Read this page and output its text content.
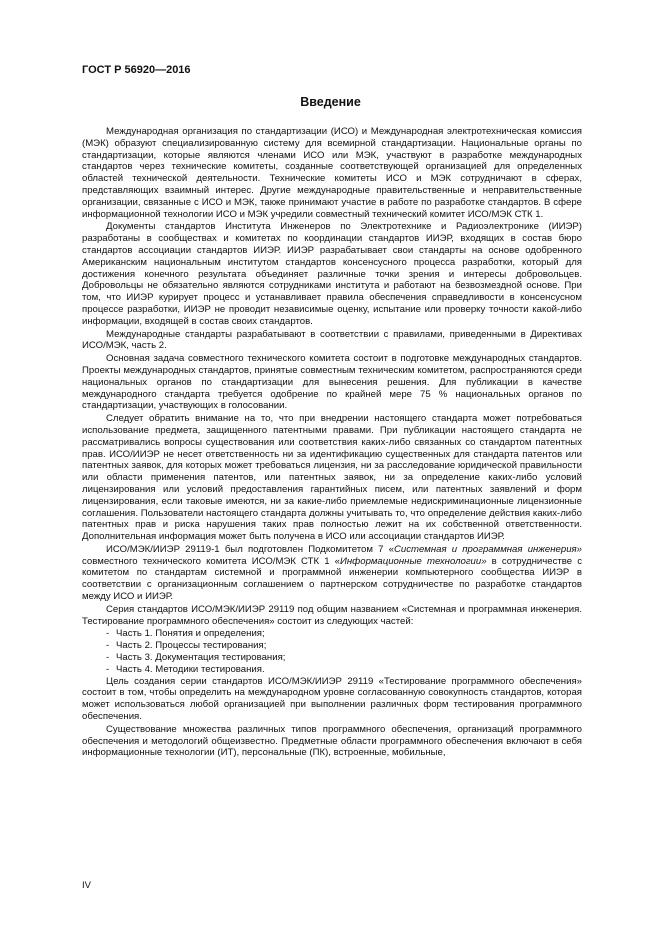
ГОСТ Р 56920—2016
Введение

Международная организация по стандартизации (ИСО) и Международная электротехническая комиссия (МЭК) образуют специализированную систему для всемирной стандартизации. Национальные органы по стандартизации, которые являются членами ИСО или МЭК, участвуют в разработке международных стандартов через технические комитеты, созданные соответствующей организацией для определенных областей технической деятельности. Технические комитеты ИСО и МЭК сотрудничают в сферах, представляющих взаимный интерес. Другие международные правительственные и неправительственные организации, связанные с ИСО и МЭК, также принимают участие в работе по разработке стандартов. В сфере информационной технологии ИСО и МЭК учредили совместный технический комитет ИСО/МЭК СТК 1.

Документы стандартов Института Инженеров по Электротехнике и Радиоэлектронике (ИИЭР) разработаны в сообществах и комитетах по координации стандартов ИИЭР, входящих в состав бюро стандартов ассоциации стандартов ИИЭР. ИИЭР разрабатывает свои стандарты на основе одобренного Американским национальным институтом стандартов консенсусного процесса разработки, который для достижения конечного результата объединяет различные точки зрения и интересы добровольцев. Добровольцы не обязательно являются сотрудниками института и работают на безвозмездной основе. При том, что ИИЭР курирует процесс и устанавливает правила обеспечения справедливости в консенсусном процессе разработки, ИИЭР не проводит независимые оценку, испытание или проверку точности какой-либо информации, входящей в состав своих стандартов.

Международные стандарты разрабатывают в соответствии с правилами, приведенными в Директивах ИСО/МЭК, часть 2.

Основная задача совместного технического комитета состоит в подготовке международных стандартов. Проекты международных стандартов, принятые совместным техническим комитетом, распространяются среди национальных органов по стандартизации для вынесения решения. Для публикации в качестве международного стандарта требуется одобрение по крайней мере 75 % национальных органов по стандартизации, участвующих в голосовании.

Следует обратить внимание на то, что при внедрении настоящего стандарта может потребоваться использование предмета, защищенного патентными правами. При публикации настоящего стандарта не рассматривались вопросы существования или соответствия каких-либо связанных со стандартом патентных прав. ИСО/ИИЭР не несет ответственность ни за идентификацию существенных для стандарта патентов или патентных заявок, для которых может требоваться лицензия, ни за расследование юридической правильности или области применения патентов, или патентных заявок, ни за определение каких-либо условий лицензирования или условий предоставления гарантийных писем, или патентных заявлений и форм лицензирования, если таковые имеются, ни за какие-либо приемлемые недискриминационные лицензионные соглашения. Пользователи настоящего стандарта должны учитывать то, что определение действия каких-либо патентных прав и риска нарушения таких прав полностью лежит на их собственной ответственности. Дополнительная информация может быть получена в ИСО или ассоциации стандартов ИИЭР.

ИСО/МЭК/ИИЭР 29119-1 был подготовлен Подкомитетом 7 «Системная и программная инженерия» совместного технического комитета ИСО/МЭК СТК 1 «Информационные технологии» в сотрудничестве с комитетом по стандартам системной и программной инженерии компьютерного сообщества ИИЭР в соответствии с организационным соглашением о партнерском сотрудничестве по разработке стандартов между ИСО и ИИЭР.

Серия стандартов ИСО/МЭК/ИИЭР 29119 под общим названием «Системная и программная инженерия. Тестирование программного обеспечения» состоит из следующих частей:

- Часть 1. Понятия и определения;
- Часть 2. Процессы тестирования;
- Часть 3. Документация тестирования;
- Часть 4. Методики тестирования.

Цель создания серии стандартов ИСО/МЭК/ИИЭР 29119 «Тестирование программного обеспечения» состоит в том, чтобы определить на международном уровне согласованную совокупность стандартов, которая может использоваться любой организацией при выполнении различных форм тестирования программного обеспечения.

Существование множества различных типов программного обеспечения, организаций программного обеспечения и методологий общеизвестно. Предметные области программного обеспечения включают в себя информационные технологии (ИТ), персональные (ПК), встроенные, мобильные,

IV
